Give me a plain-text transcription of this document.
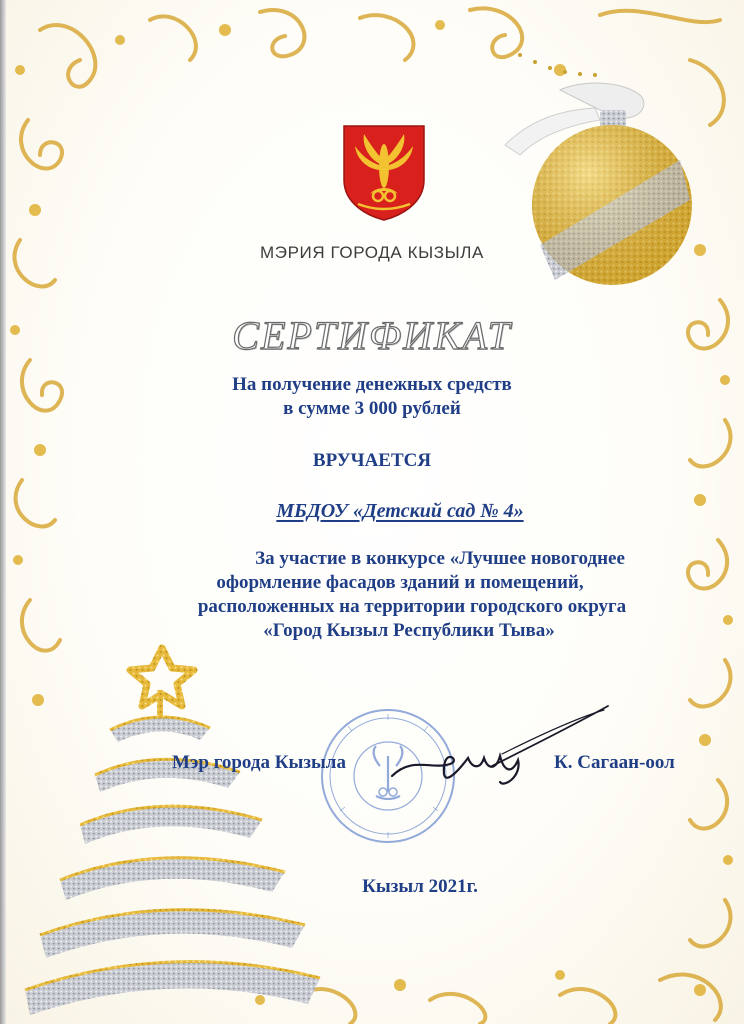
МЭРИЯ ГОРОДА КЫЗЫЛА
СЕРТИФИКАТ
На получение денежных средств
в сумме 3 000 рублей
ВРУЧАЕТСЯ
МБДОУ «Детский сад № 4»
За участие в конкурсе «Лучшее новогоднее
оформление фасадов зданий и помещений,
расположенных на территории городского округа
«Город Кызыл Республики Тыва»
Мэр города Кызыла	К. Сагаан-оол
Кызыл 2021г.
